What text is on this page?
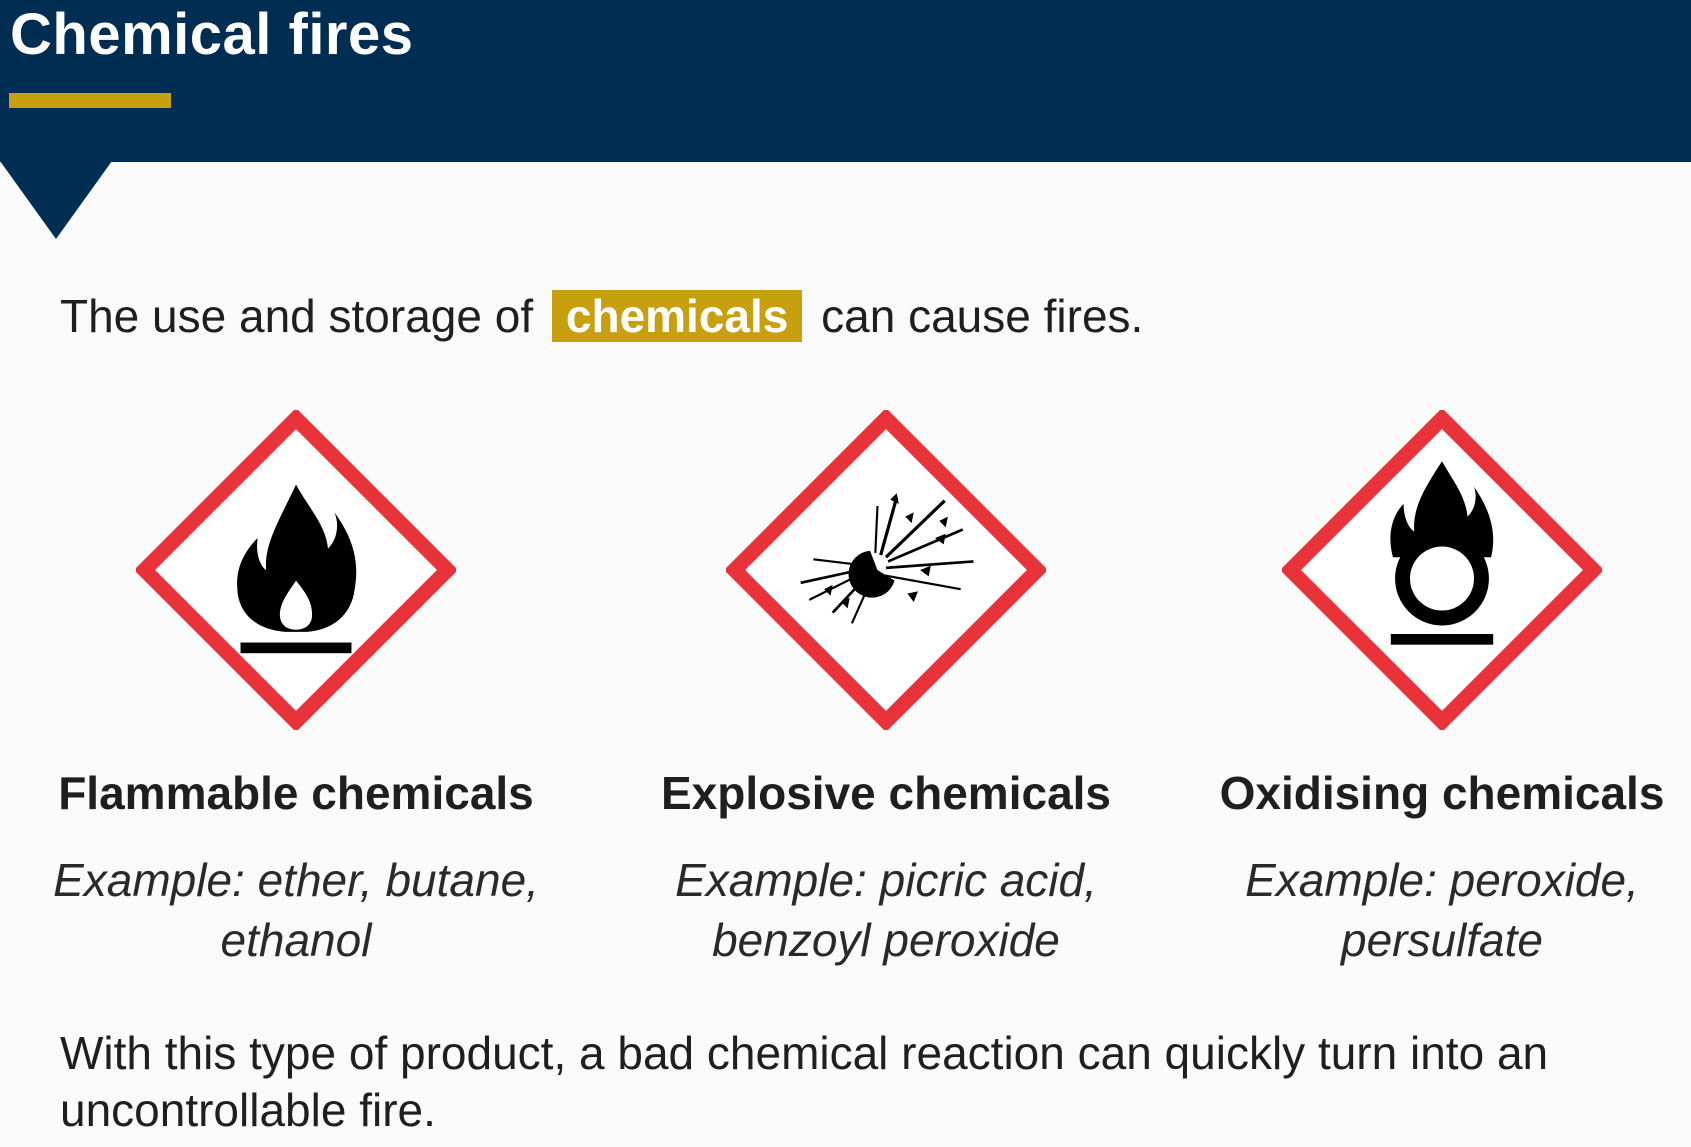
Chemical fires

The use and storage of chemicals can cause fires.

Flammable chemicals

Example: ether, butane,
ethanol

Explosive chemicals

Example: picric acid,
benzoyl peroxide

Oxidising chemicals

Example: peroxide,
persulfate

With this type of product, a bad chemical reaction can quickly turn into an uncontrollable fire.
